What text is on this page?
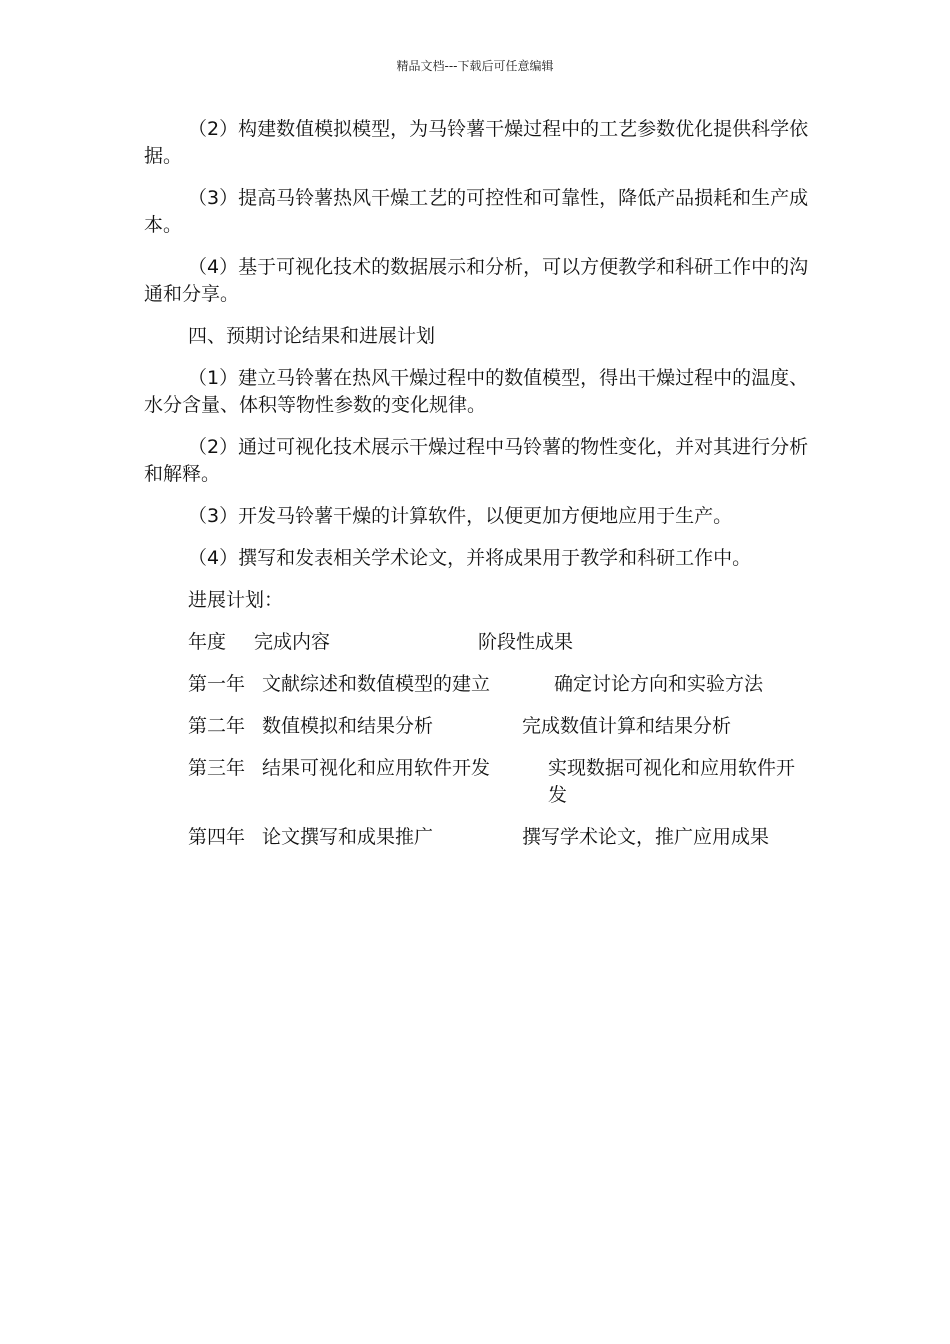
精品文档---下载后可任意编辑

（2）构建数值模拟模型，为马铃薯干燥过程中的工艺参数优化提供科学依据。

（3）提高马铃薯热风干燥工艺的可控性和可靠性，降低产品损耗和生产成本。

（4）基于可视化技术的数据展示和分析，可以方便教学和科研工作中的沟通和分享。

四、预期讨论结果和进展计划

（1）建立马铃薯在热风干燥过程中的数值模型，得出干燥过程中的温度、水分含量、体积等物性参数的变化规律。

（2）通过可视化技术展示干燥过程中马铃薯的物性变化，并对其进行分析和解释。

（3）开发马铃薯干燥的计算软件，以便更加方便地应用于生产。

（4）撰写和发表相关学术论文，并将成果用于教学和科研工作中。

进展计划：

年度 完成内容	阶段性成果
第一年 文献综述和数值模型的建立	确定讨论方向和实验方法
第二年 数值模拟和结果分析	完成数值计算和结果分析
第三年 结果可视化和应用软件开发	实现数据可视化和应用软件开发
第四年 论文撰写和成果推广	撰写学术论文，推广应用成果
